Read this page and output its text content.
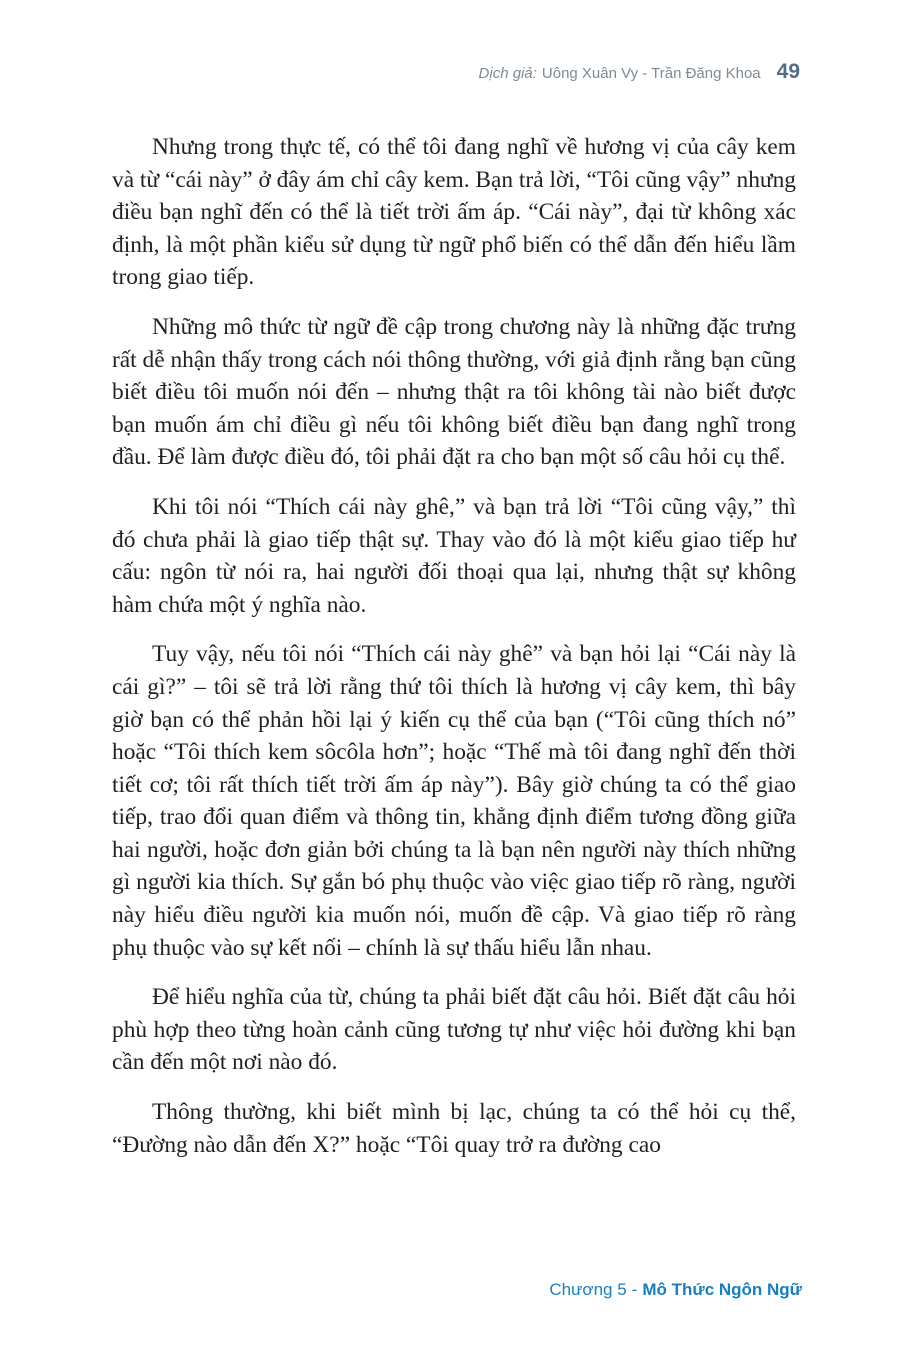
Dịch giả: Uông Xuân Vy - Trần Đăng Khoa 49

Nhưng trong thực tế, có thể tôi đang nghĩ về hương vị của cây kem và từ “cái này” ở đây ám chỉ cây kem. Bạn trả lời, “Tôi cũng vậy” nhưng điều bạn nghĩ đến có thể là tiết trời ấm áp. “Cái này”, đại từ không xác định, là một phần kiểu sử dụng từ ngữ phổ biến có thể dẫn đến hiểu lầm trong giao tiếp.

Những mô thức từ ngữ đề cập trong chương này là những đặc trưng rất dễ nhận thấy trong cách nói thông thường, với giả định rằng bạn cũng biết điều tôi muốn nói đến – nhưng thật ra tôi không tài nào biết được bạn muốn ám chỉ điều gì nếu tôi không biết điều bạn đang nghĩ trong đầu. Để làm được điều đó, tôi phải đặt ra cho bạn một số câu hỏi cụ thể.

Khi tôi nói “Thích cái này ghê,” và bạn trả lời “Tôi cũng vậy,” thì đó chưa phải là giao tiếp thật sự. Thay vào đó là một kiểu giao tiếp hư cấu: ngôn từ nói ra, hai người đối thoại qua lại, nhưng thật sự không hàm chứa một ý nghĩa nào.

Tuy vậy, nếu tôi nói “Thích cái này ghê” và bạn hỏi lại “Cái này là cái gì?” – tôi sẽ trả lời rằng thứ tôi thích là hương vị cây kem, thì bây giờ bạn có thể phản hồi lại ý kiến cụ thể của bạn (“Tôi cũng thích nó” hoặc “Tôi thích kem sôcôla hơn”; hoặc “Thế mà tôi đang nghĩ đến thời tiết cơ; tôi rất thích tiết trời ấm áp này”). Bây giờ chúng ta có thể giao tiếp, trao đổi quan điểm và thông tin, khẳng định điểm tương đồng giữa hai người, hoặc đơn giản bởi chúng ta là bạn nên người này thích những gì người kia thích. Sự gắn bó phụ thuộc vào việc giao tiếp rõ ràng, người này hiểu điều người kia muốn nói, muốn đề cập. Và giao tiếp rõ ràng phụ thuộc vào sự kết nối – chính là sự thấu hiểu lẫn nhau.

Để hiểu nghĩa của từ, chúng ta phải biết đặt câu hỏi. Biết đặt câu hỏi phù hợp theo từng hoàn cảnh cũng tương tự như việc hỏi đường khi bạn cần đến một nơi nào đó.

Thông thường, khi biết mình bị lạc, chúng ta có thể hỏi cụ thể, “Đường nào dẫn đến X?” hoặc “Tôi quay trở ra đường cao

Chương 5 - Mô Thức Ngôn Ngữ
